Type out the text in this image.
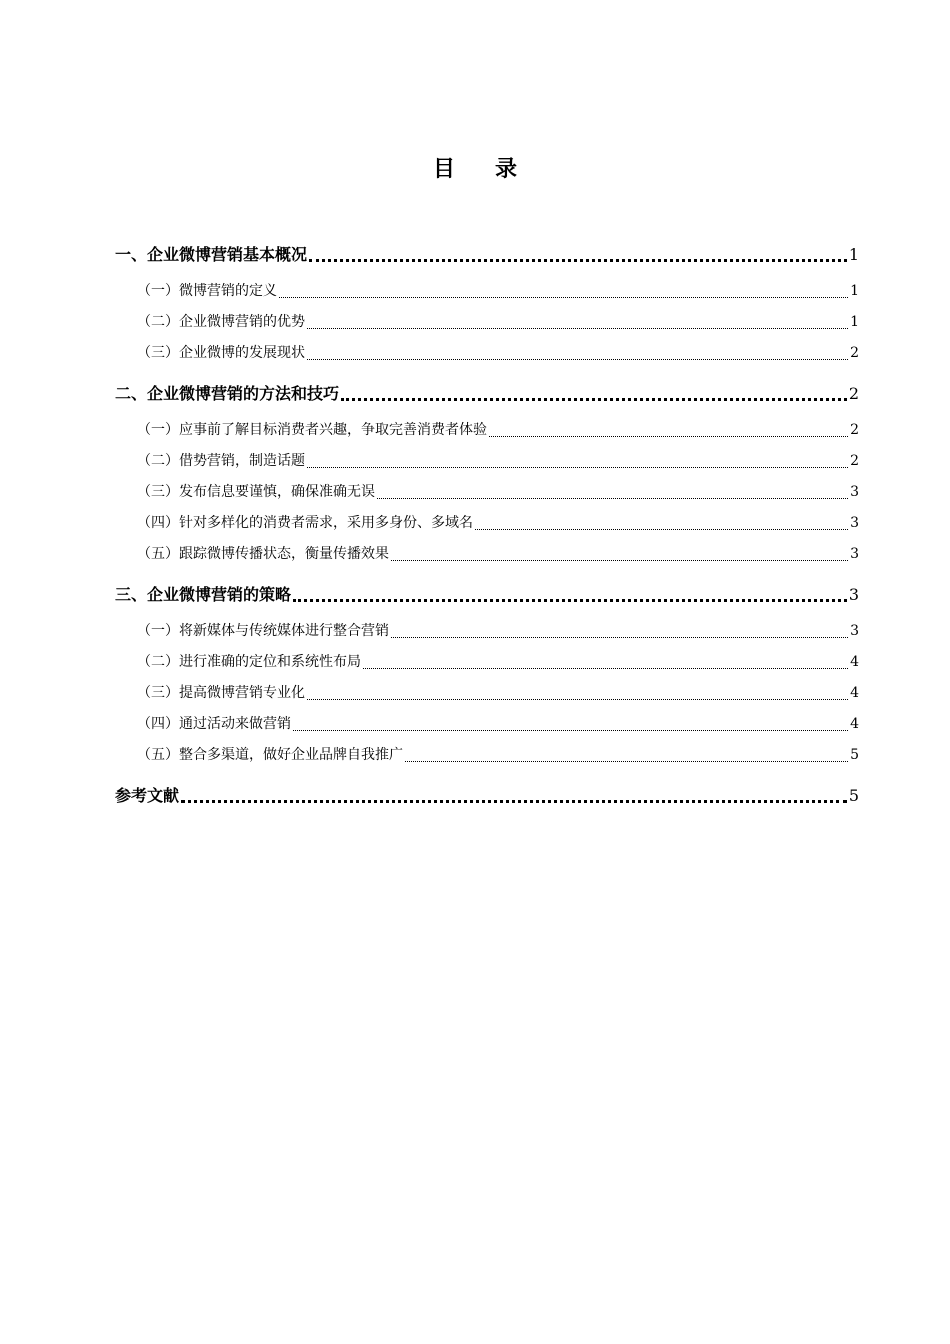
目 录
一、企业微博营销基本概况	1
（一）微博营销的定义	1
（二）企业微博营销的优势	1
（三）企业微博的发展现状	2
二、企业微博营销的方法和技巧	2
（一）应事前了解目标消费者兴趣，争取完善消费者体验	2
（二）借势营销，制造话题	2
（三）发布信息要谨慎，确保准确无误	3
（四）针对多样化的消费者需求，采用多身份、多域名	3
（五）跟踪微博传播状态，衡量传播效果	3
三、企业微博营销的策略	3
（一）将新媒体与传统媒体进行整合营销	3
（二）进行准确的定位和系统性布局	4
（三）提高微博营销专业化	4
（四）通过活动来做营销	4
（五）整合多渠道，做好企业品牌自我推广	5
参考文献	5
